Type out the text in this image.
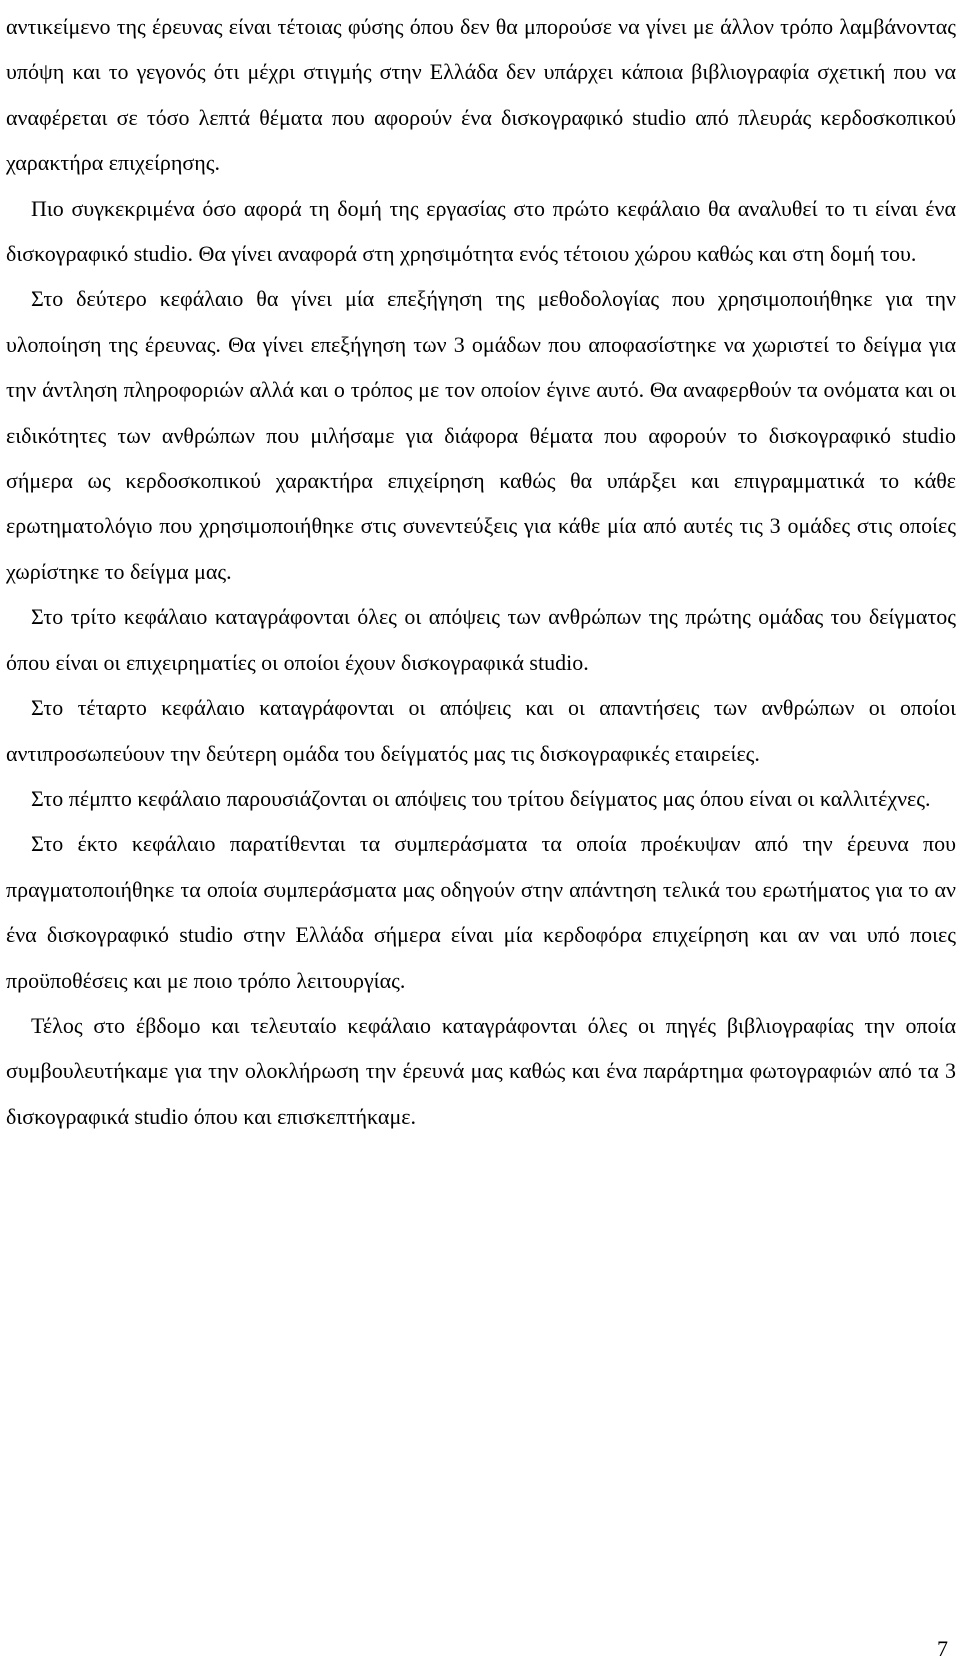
αντικείμενο της έρευνας είναι τέτοιας φύσης όπου δεν θα μπορούσε να γίνει με άλλον τρόπο λαμβάνοντας υπόψη και το γεγονός ότι μέχρι στιγμής στην Ελλάδα δεν υπάρχει κάποια βιβλιογραφία σχετική που να αναφέρεται σε τόσο λεπτά θέματα που αφορούν ένα δισκογραφικό studio από πλευράς κερδοσκοπικού χαρακτήρα επιχείρησης.

Πιο συγκεκριμένα όσο αφορά τη δομή της εργασίας στο πρώτο κεφάλαιο θα αναλυθεί το τι είναι ένα δισκογραφικό studio. Θα γίνει αναφορά στη χρησιμότητα ενός τέτοιου χώρου καθώς και στη δομή του.

Στο δεύτερο κεφάλαιο θα γίνει μία επεξήγηση της μεθοδολογίας που χρησιμοποιήθηκε για την υλοποίηση της έρευνας. Θα γίνει επεξήγηση των 3 ομάδων που αποφασίστηκε να χωριστεί το δείγμα για την άντληση πληροφοριών αλλά και ο τρόπος με τον οποίον έγινε αυτό. Θα αναφερθούν τα ονόματα και οι ειδικότητες των ανθρώπων που μιλήσαμε για διάφορα θέματα που αφορούν το δισκογραφικό studio σήμερα ως κερδοσκοπικού χαρακτήρα επιχείρηση καθώς θα υπάρξει και επιγραμματικά το κάθε ερωτηματολόγιο που χρησιμοποιήθηκε στις συνεντεύξεις για κάθε μία από αυτές τις 3 ομάδες στις οποίες χωρίστηκε το δείγμα μας.

Στο τρίτο κεφάλαιο καταγράφονται όλες οι απόψεις των ανθρώπων της πρώτης ομάδας του δείγματος όπου είναι οι επιχειρηματίες οι οποίοι έχουν δισκογραφικά studio.

Στο τέταρτο κεφάλαιο καταγράφονται οι απόψεις και οι απαντήσεις των ανθρώπων οι οποίοι αντιπροσωπεύουν την δεύτερη ομάδα του δείγματός μας τις δισκογραφικές εταιρείες.

Στο πέμπτο κεφάλαιο παρουσιάζονται οι απόψεις του τρίτου δείγματος μας όπου είναι οι καλλιτέχνες.

Στο έκτο κεφάλαιο παρατίθενται τα συμπεράσματα τα οποία προέκυψαν από την έρευνα που πραγματοποιήθηκε τα οποία συμπεράσματα μας οδηγούν στην απάντηση τελικά του ερωτήματος για το αν ένα δισκογραφικό studio στην Ελλάδα σήμερα είναι μία κερδοφόρα επιχείρηση και αν ναι υπό ποιες προϋποθέσεις και με ποιο τρόπο λειτουργίας.

Τέλος στο έβδομο και τελευταίο κεφάλαιο καταγράφονται όλες οι πηγές βιβλιογραφίας την οποία συμβουλευτήκαμε για την ολοκλήρωση την έρευνά μας καθώς και ένα παράρτημα φωτογραφιών από τα 3 δισκογραφικά studio όπου και επισκεπτήκαμε.

7
